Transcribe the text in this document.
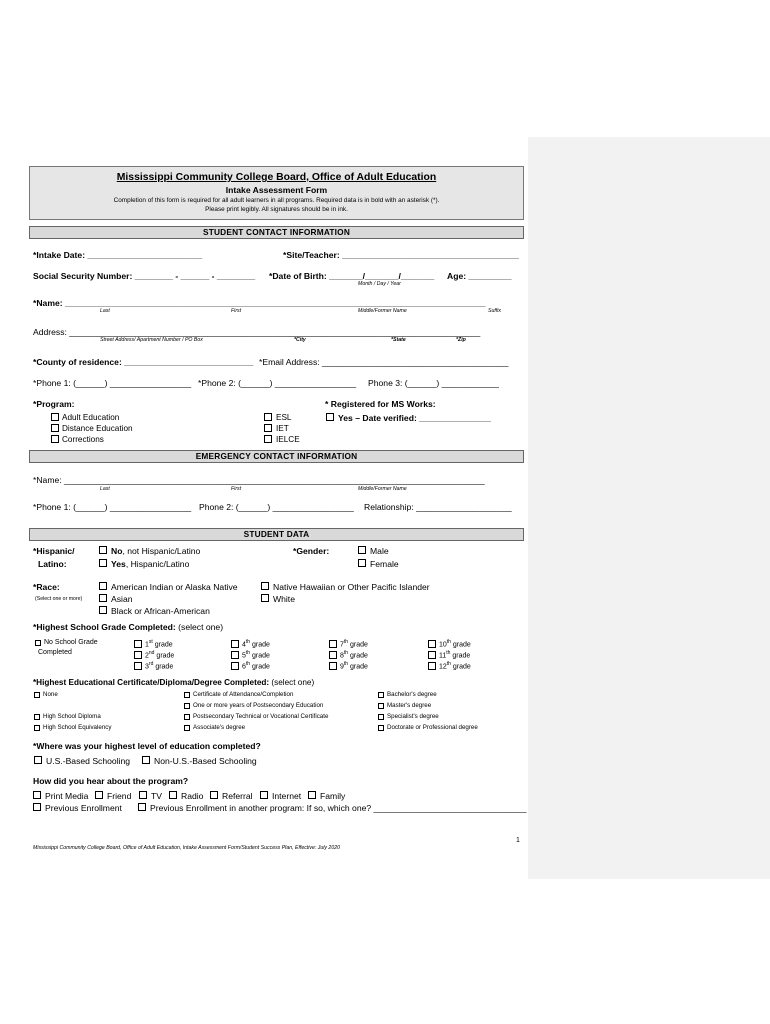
Mississippi Community College Board, Office of Adult Education
Intake Assessment Form
Completion of this form is required for all adult learners in all programs. Required data is in bold with an asterisk (*).
Please print legibly. All signatures should be in ink.
STUDENT CONTACT INFORMATION
*Intake Date: ________________________	*Site/Teacher: _____________________________________
Social Security Number: ________ - ______ - ________ *Date of Birth: _______/_______/_______ Age: _________
Month / Day / Year
*Name: ________________________________________________________________________________________
Last	First	Middle/Former Name	Suffix
Address: ______________________________________________________________________________________
Street Address/ Apartment Number / PO Box	*City	*State	*Zip
*County of residence: ___________________________ *Email Address: _______________________________________
*Phone 1: (______) _________________ *Phone 2: (______) _________________ Phone 3: (______) ____________
*Program:	* Registered for MS Works:
Adult Education
Distance Education
Corrections
ESL
IET
IELCE
Yes – Date verified: _______________
EMERGENCY CONTACT INFORMATION
*Name: ________________________________________________________________________________________
Last	First	Middle/Former Name
*Phone 1: (______) _________________ Phone 2: (______) _________________ Relationship: ____________________
STUDENT DATA
*Hispanic/
Latino:
No, not Hispanic/Latino
Yes, Hispanic/Latino
*Gender:	Male
Female
*Race:
(Select one or more)
American Indian or Alaska Native
Asian
Black or African-American
Native Hawaiian or Other Pacific Islander
White
*Highest School Grade Completed: (select one)
No School Grade
Completed
1st grade
2nd grade
3rd grade
4th grade
5th grade
6th grade
7th grade
8th grade
9th grade
10th grade
11th grade
12th grade
*Highest Educational Certificate/Diploma/Degree Completed: (select one)
None
High School Diploma
High School Equivalency
Certificate of Attendance/Completion
One or more years of Postsecondary Education
Postsecondary Technical or Vocational Certificate
Associate's degree
Bachelor's degree
Master's degree
Specialist's degree
Doctorate or Professional degree
*Where was your highest level of education completed?
U.S.-Based Schooling	Non-U.S.-Based Schooling
How did you hear about the program?
Print Media Friend TV Radio Referral Internet Family
Previous Enrollment	Previous Enrollment in another program: If so, which one? ________________________________
1
Mississippi Community College Board, Office of Adult Education, Intake Assessment Form/Student Success Plan, Effective: July 2020
